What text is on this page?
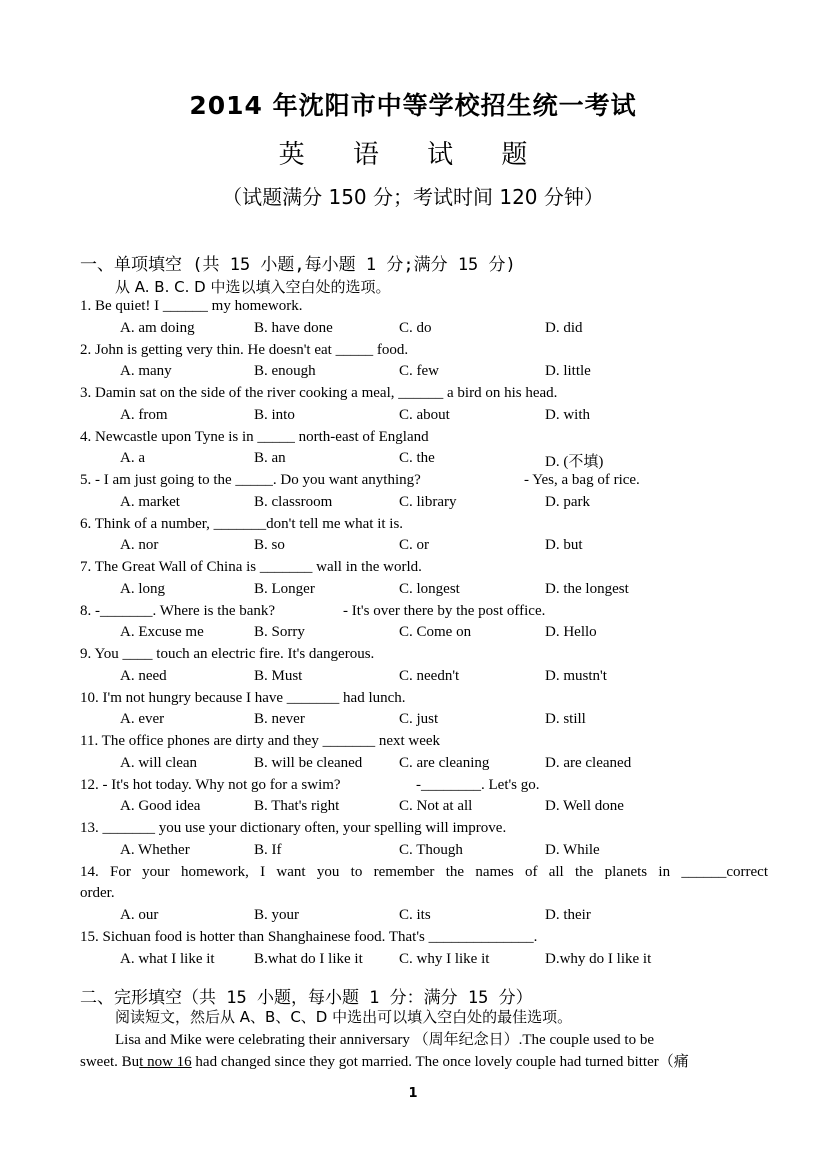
2014 年沈阳市中等学校招生统一考试
英 语 试 题
（试题满分 150 分；考试时间 120 分钟）
一、单项填空 (共 15 小题,每小题 1 分;满分 15 分)
从 A. B. C. D 中选以填入空白处的选项。
1. Be quiet! I ______ my homework.
A. am doing	B. have done	C. do	D. did
2. John is getting very thin. He doesn't eat _____ food.
A. many	B. enough	C. few	D. little
3. Damin sat on the side of the river cooking a meal, ______ a bird on his head.
A. from	B. into	C. about	D. with
4. Newcastle upon Tyne is in _____ north-east of England
A. a	B. an	C. the	D. (不填)
5. - I am just going to the _____. Do you want anything?	- Yes, a bag of rice.
A. market	B. classroom	C. library	D. park
6. Think of a number, _______don't tell me what it is.
A. nor	B. so	C. or	D. but
7. The Great Wall of China is _______ wall in the world.
A. long	B. Longer	C. longest	D. the longest
8. -_______. Where is the bank?	- It's over there by the post office.
A. Excuse me	B. Sorry	C. Come on	D. Hello
9. You ____ touch an electric fire. It's dangerous.
A. need	B. Must	C. needn't	D. mustn't
10. I'm not hungry because I have _______ had lunch.
A. ever	B. never	C. just	D. still
11. The office phones are dirty and they _______ next week
A. will clean	B. will be cleaned C. are cleaning	D. are cleaned
12. - It's hot today. Why not go for a swim?	-________. Let's go.
A. Good idea	B. That's right	C. Not at all	D. Well done
13. _______ you use your dictionary often, your spelling will improve.
A. Whether	B. If	C. Though	D. While
14. For your homework, I want you to remember the names of all the planets in ______correct
order.
A. our	B. your	C. its	D. their
15. Sichuan food is hotter than Shanghainese food. That's ______________.
A. what I like it	B.what do I like it C. why I like it	D.why do I like it
二、完形填空（共 15 小题，每小题 1 分：满分 15 分）
阅读短文，然后从 A、B、C、D 中选出可以填入空白处的最佳选项。
Lisa and Mike were celebrating their anniversary （周年纪念日）.The couple used to be
sweet. But now 16 had changed since they got married. The once lovely couple had turned bitter（痛
1
